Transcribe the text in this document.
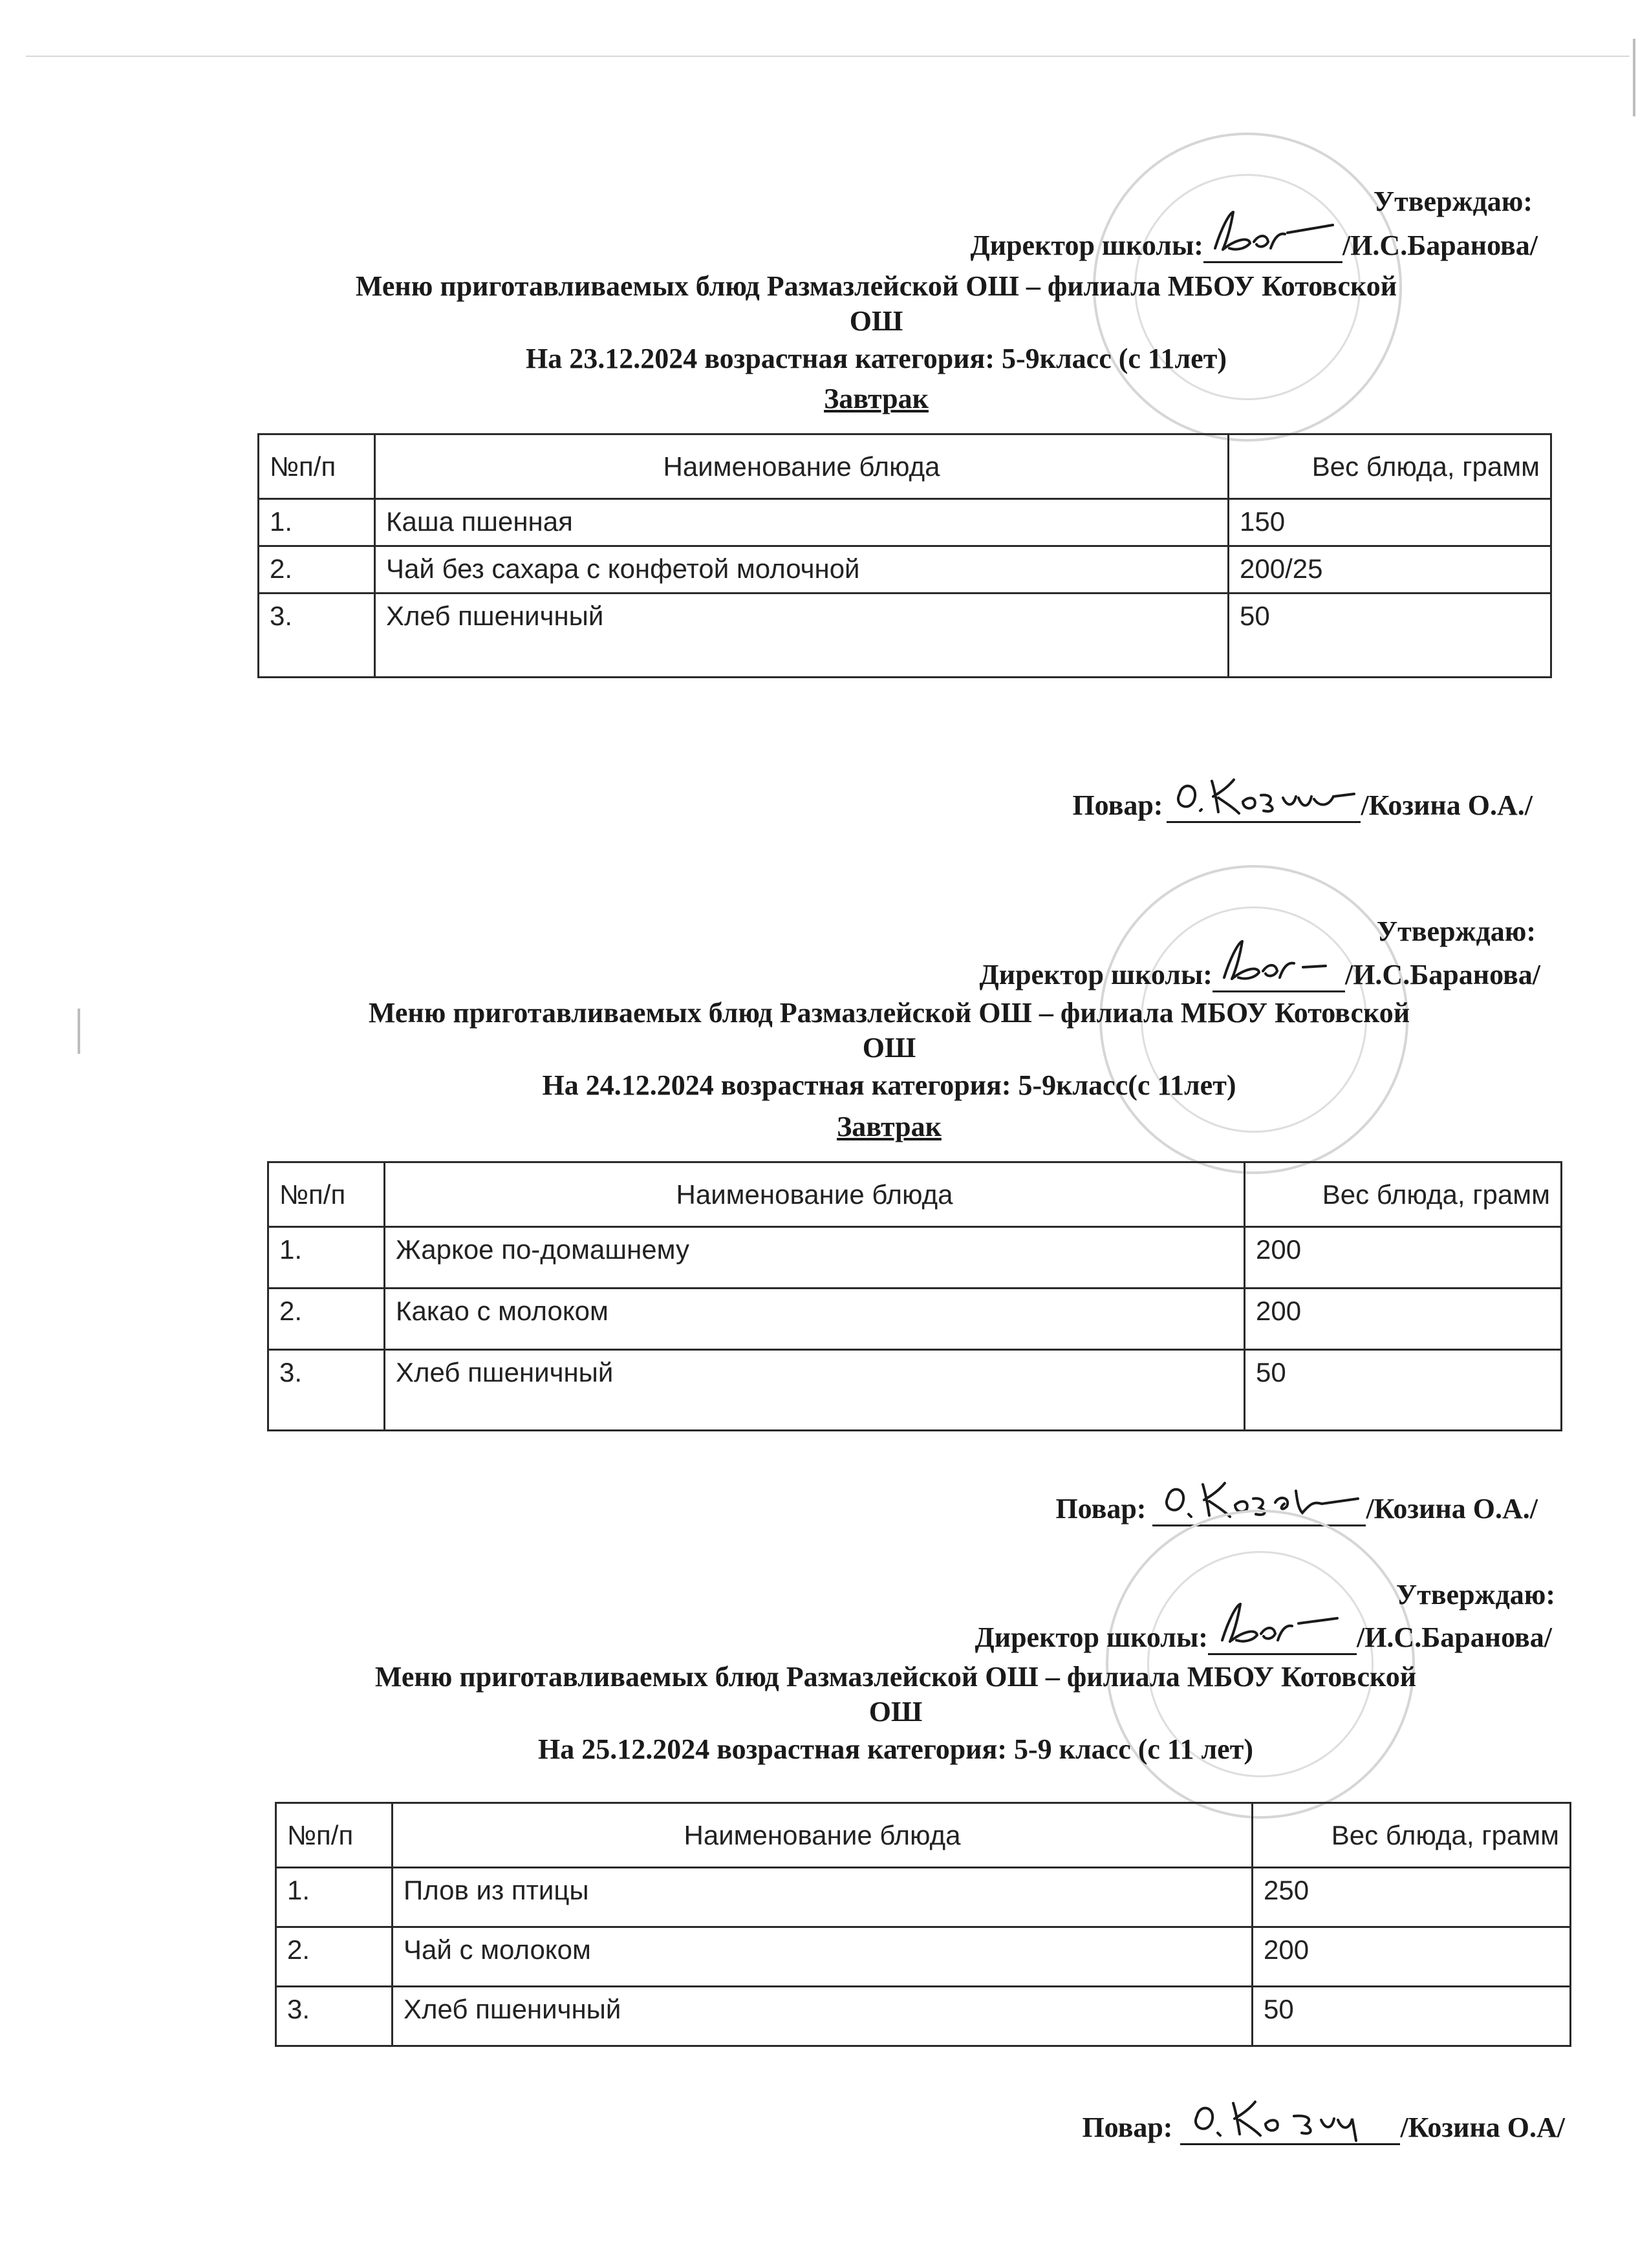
Утверждаю:
Директор школы:	/И.С.Баранова/
Меню приготавливаемых блюд Размазлейской ОШ – филиала МБОУ Котовской
ОШ
На 23.12.2024 возрастная категория: 5-9класс (с 11лет)
Завтрак
№п/п	Наименование блюда	Вес блюда, грамм
1.	Каша пшенная	150
2.	Чай без сахара с конфетой молочной	200/25
3.	Хлеб пшеничный	50
Повар:	/Козина О.А./
Утверждаю:
Директор школы:	/И.С.Баранова/
Меню приготавливаемых блюд Размазлейской ОШ – филиала МБОУ Котовской
ОШ
На 24.12.2024 возрастная категория: 5-9класс(с 11лет)
Завтрак
№п/п	Наименование блюда	Вес блюда, грамм
1.	Жаркое по-домашнему	200
2.	Какао с молоком	200
3.	Хлеб пшеничный	50
Повар:	/Козина О.А./
Утверждаю:
Директор школы:	/И.С.Баранова/
Меню приготавливаемых блюд Размазлейской ОШ – филиала МБОУ Котовской
ОШ
На 25.12.2024 возрастная категория: 5-9 класс (с 11 лет)
№п/п	Наименование блюда	Вес блюда, грамм
1.	Плов из птицы	250
2.	Чай с молоком	200
3.	Хлеб пшеничный	50
Повар:	/Козина О.А/
